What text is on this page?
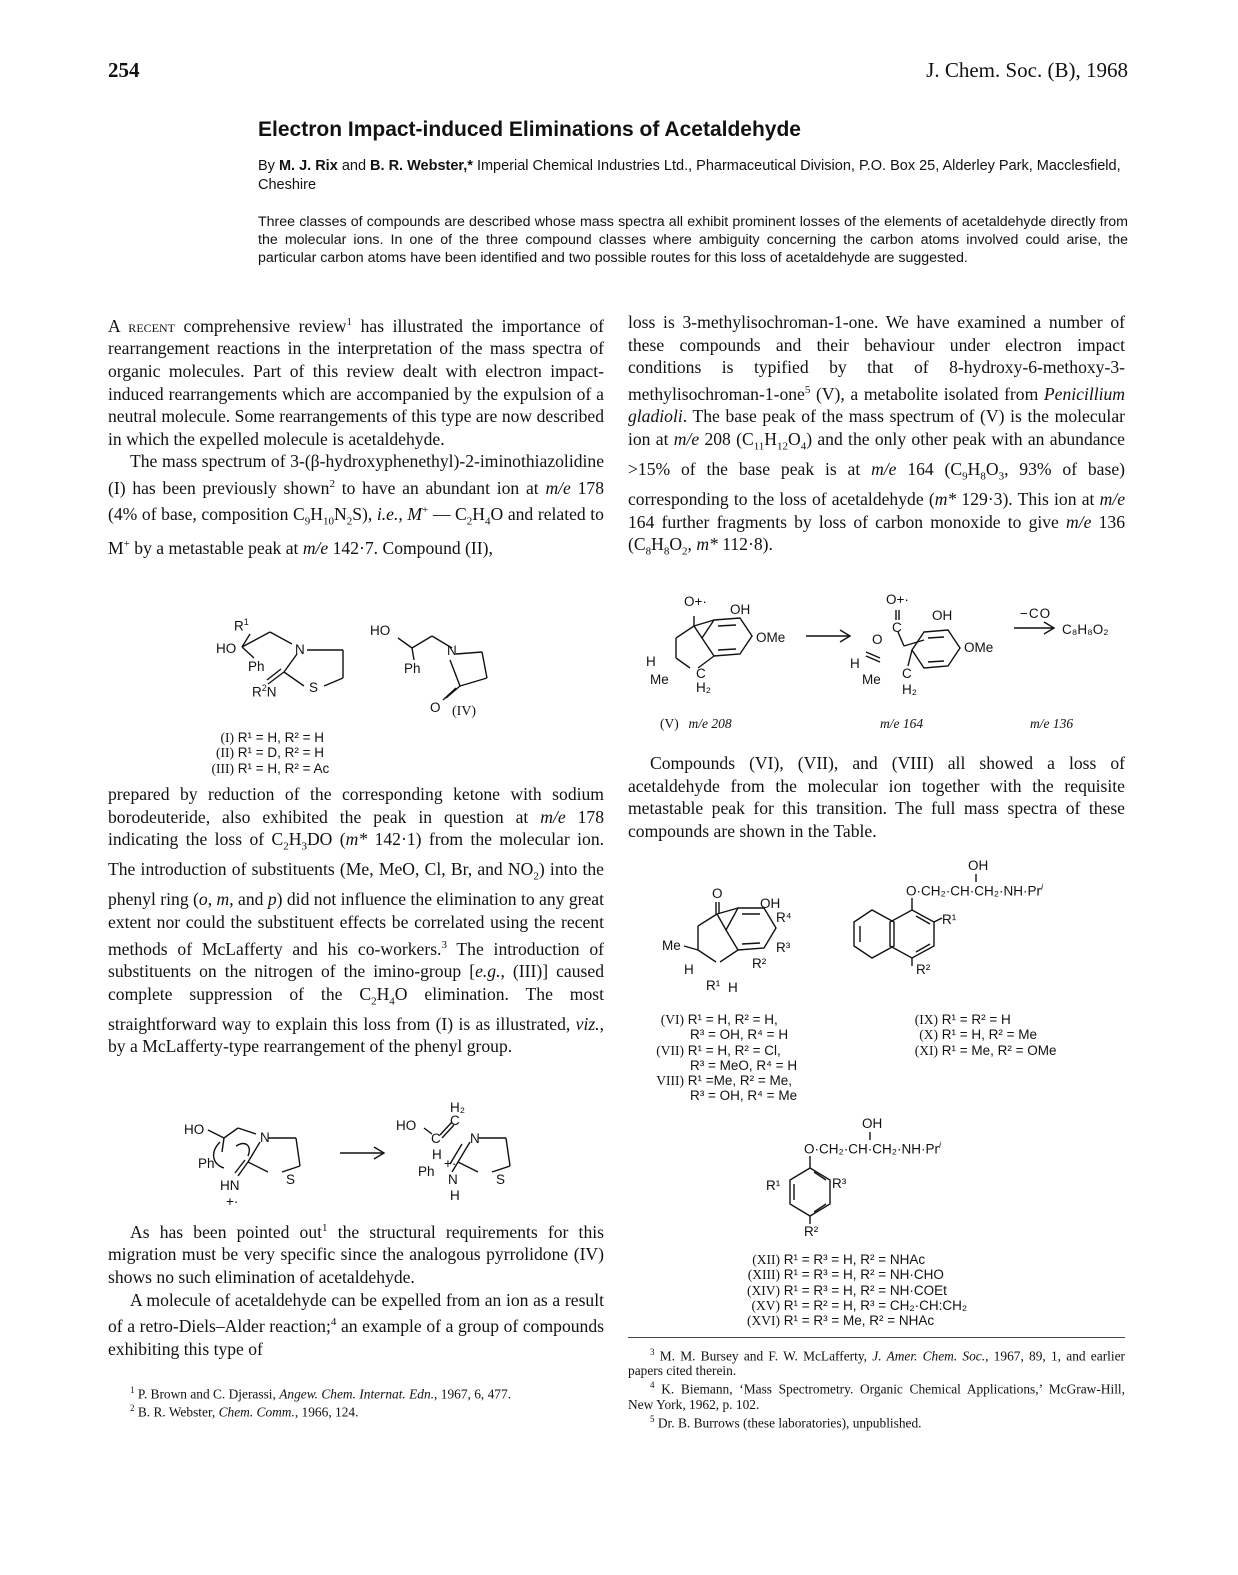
254	J. Chem. Soc. (B), 1968
Electron Impact-induced Eliminations of Acetaldehyde
By M. J. Rix and B. R. Webster,* Imperial Chemical Industries Ltd., Pharmaceutical Division, P.O. Box 25, Alderley Park, Macclesfield, Cheshire
Three classes of compounds are described whose mass spectra all exhibit prominent losses of the elements of acetaldehyde directly from the molecular ions. In one of the three compound classes where ambiguity concerning the carbon atoms involved could arise, the particular carbon atoms have been identified and two possible routes for this loss of acetaldehyde are suggested.

A recent comprehensive review$^1$ has illustrated the importance of rearrangement reactions in the interpretation of the mass spectra of organic molecules. Part of this review dealt with electron impact-induced rearrangements which are accompanied by the expulsion of a neutral molecule. Some rearrangements of this type are now described in which the expelled molecule is acetaldehyde.

The mass spectrum of 3-(β-hydroxyphenethyl)-2-iminothiazolidine (I) has been previously shown$^2$ to have an abundant ion at m/e 178 (4% of base, composition $C_9H_{10}N_2S$), i.e., M+ — $C_2H_4O$ and related to M+ by a metastable peak at m/e 142·7. Compound (II),

$R^1$
HO
Ph
N
S
$R^2N$
HO
Ph
N
O (IV)
(I) R¹ = H, R² = H
(II) R¹ = D, R² = H
(III) R¹ = H, R² = Ac

prepared by reduction of the corresponding ketone with sodium borodeuteride, also exhibited the peak in question at m/e 178 indicating the loss of $C_2H_3DO$ (m* 142·1) from the molecular ion. The introduction of substituents (Me, MeO, Cl, Br, and $NO_2$) into the phenyl ring (o, m, and p) did not influence the elimination to any great extent nor could the substituent effects be correlated using the recent methods of McLafferty and his co-workers.$^3$ The introduction of substituents on the nitrogen of the imino-group [e.g., (III)] caused complete suppression of the $C_2H_4O$ elimination. The most straightforward way to explain this loss from (I) is as illustrated, viz., by a McLafferty-type rearrangement of the phenyl group.

HO
Ph
N
HN
+·
S
HO
C
C
H₂
H
Ph
N
N
H
+·
S

As has been pointed out$^1$ the structural requirements for this migration must be very specific since the analogous pyrrolidone (IV) shows no such elimination of acetaldehyde.

A molecule of acetaldehyde can be expelled from an ion as a result of a retro-Diels–Alder reaction;$^4$ an example of a group of compounds exhibiting this type of

$^1$ P. Brown and C. Djerassi, Angew. Chem. Internat. Edn., 1967, 6, 477.

$^2$ B. R. Webster, Chem. Comm., 1966, 124.

loss is 3-methylisochroman-1-one. We have examined a number of these compounds and their behaviour under electron impact conditions is typified by that of 8-hydroxy-6-methoxy-3-methylisochroman-1-one$^5$ (V), a metabolite isolated from Penicillium gladioli. The base peak of the mass spectrum of (V) is the molecular ion at m/e 208 $(C_{11}H_{12}O_4)$ and the only other peak with an abundance >15% of the base peak is at m/e 164 ($C_9H_8O_3$, 93% of base) corresponding to the loss of acetaldehyde (m* 129·3). This ion at m/e 164 further fragments by loss of carbon monoxide to give m/e 136 ($C_8H_8O_2$, m* 112·8).

O+·
OH
OMe
H
C
Me
H₂
O+·
C
O
OH
OMe
H
C
Me
H₂
−CO
C₈H₈O₂
(V) m/e 208	m/e 164	m/e 136

Compounds (VI), (VII), and (VIII) all showed a loss of acetaldehyde from the molecular ion together with the requisite metastable peak for this transition. The full mass spectra of these compounds are shown in the Table.

O
OH
R⁴
R³
Me
H
R¹ H
R²
(VI) R¹ = H, R² = H,
R³ = OH, R⁴ = H
(VII) R¹ = H, R² = Cl,
R³ = MeO, R⁴ = H
VIII) R¹ =Me, R² = Me,
R³ = OH, R⁴ = Me
OH
$O\cdot CH_2\cdot CH\cdot CH_2\cdot NH\cdot Pr^i$
R¹
R²
(IX) R¹ = R² = H
(X) R¹ = H, R² = Me
(XI) R¹ = Me, R² = OMe
OH
$O\cdot CH_2\cdot CH\cdot CH_2\cdot NH\cdot Pr^i$
R¹	R³
R²
(XII) R¹ = R³ = H, R² = NHAc
(XIII) R¹ = R³ = H, R² = NH·CHO
(XIV) R¹ = R³ = H, R² = NH·COEt
(XV) R¹ = R² = H, R³ = CH₂·CH:CH₂
(XVI) R¹ = R³ = Me, R² = NHAc

$^3$ M. M. Bursey and F. W. McLafferty, J. Amer. Chem. Soc., 1967, 89, 1, and earlier papers cited therein.

$^4$ K. Biemann, ‘Mass Spectrometry. Organic Chemical Applications,’ McGraw-Hill, New York, 1962, p. 102.

$^5$ Dr. B. Burrows (these laboratories), unpublished.
